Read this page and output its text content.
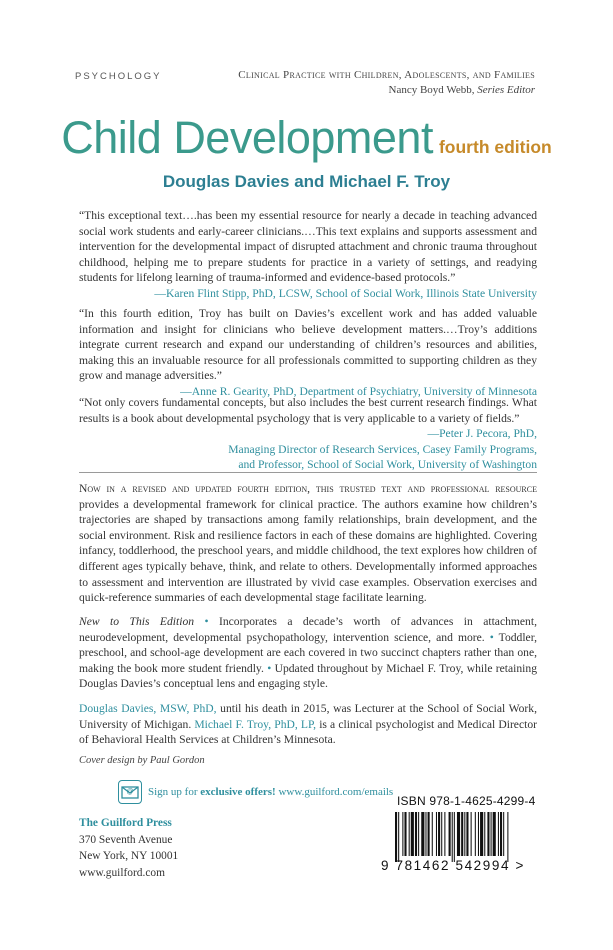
PSYCHOLOGY	Clinical Practice with Children, Adolescents, and Families
Nancy Boyd Webb, Series Editor
Child Development fourth edition
Douglas Davies and Michael F. Troy
“This exceptional text….has been my essential resource for nearly a decade in teaching advanced social work students and early-career clinicians.…This text explains and supports assessment and intervention for the developmental impact of disrupted attachment and chronic trauma throughout childhood, helping me to prepare students for practice in a variety of settings, and readying students for lifelong learning of trauma-informed and evidence-based protocols.”
—Karen Flint Stipp, PhD, LCSW, School of Social Work, Illinois State University
“In this fourth edition, Troy has built on Davies’s excellent work and has added valuable information and insight for clinicians who believe development matters.…Troy’s additions integrate current research and expand our understanding of children’s resources and abilities, making this an invaluable resource for all professionals committed to supporting children as they grow and manage adversities.”
—Anne R. Gearity, PhD, Department of Psychiatry, University of Minnesota
“Not only covers fundamental concepts, but also includes the best current research findings. What results is a book about developmental psychology that is very applicable to a variety of fields.”
—Peter J. Pecora, PhD,
Managing Director of Research Services, Casey Family Programs,
and Professor, School of Social Work, University of Washington
Now in a revised and updated fourth edition, this trusted text and professional resource provides a developmental framework for clinical practice. The authors examine how children’s trajectories are shaped by transactions among family relationships, brain development, and the social environment. Risk and resilience factors in each of these domains are highlighted. Covering infancy, toddlerhood, the preschool years, and middle childhood, the text explores how children of different ages typically behave, think, and relate to others. Developmentally informed approaches to assessment and intervention are illustrated by vivid case examples. Observation exercises and quick-reference summaries of each developmental stage facilitate learning.
New to This Edition • Incorporates a decade’s worth of advances in attachment, neurodevelopment, developmental psychopathology, intervention science, and more. • Toddler, preschool, and school-age development are each covered in two succinct chapters rather than one, making the book more student friendly. • Updated throughout by Michael F. Troy, while retaining Douglas Davies’s conceptual lens and engaging style.
Douglas Davies, MSW, PhD, until his death in 2015, was Lecturer at the School of Social Work, University of Michigan. Michael F. Troy, PhD, LP, is a clinical psychologist and Medical Director of Behavioral Health Services at Children’s Minnesota.
Cover design by Paul Gordon
@ Sign up for exclusive offers! www.guilford.com/emails
The Guilford Press
370 Seventh Avenue
New York, NY 10001
www.guilford.com
ISBN 978-1-4625-4299-4
9 781462 542994 >
